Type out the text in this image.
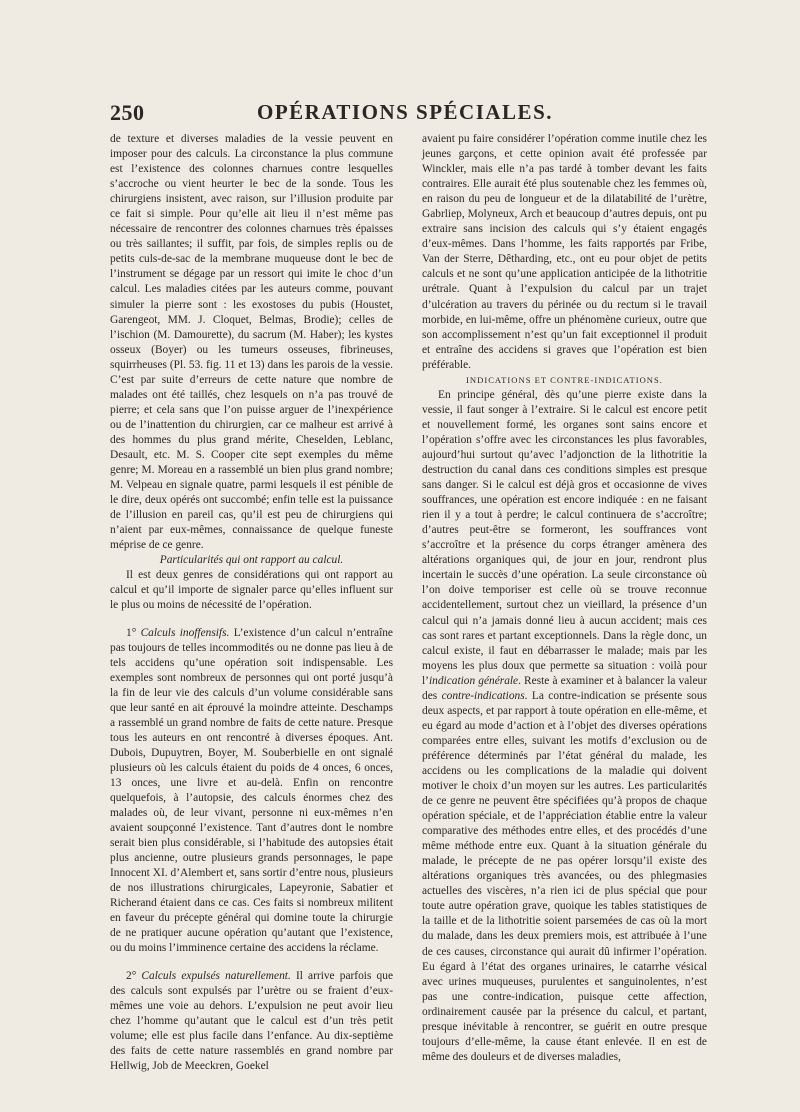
250	OPÉRATIONS SPÉCIALES.

de texture et diverses maladies de la vessie peuvent en imposer pour des calculs. La circonstance la plus commune est l’existence des colonnes charnues contre lesquelles s’accroche ou vient heurter le bec de la sonde. Tous les chirurgiens insistent, avec raison, sur l’illusion produite par ce fait si simple. Pour qu’elle ait lieu il n’est même pas nécessaire de rencontrer des colonnes charnues très épaisses ou très saillantes; il suffit, par fois, de simples replis ou de petits culs-de-sac de la membrane muqueuse dont le bec de l’instrument se dégage par un ressort qui imite le choc d’un calcul. Les maladies citées par les auteurs comme, pouvant simuler la pierre sont : les exostoses du pubis (Houstet, Garengeot, MM. J. Cloquet, Belmas, Brodie); celles de l’ischion (M. Damourette), du sacrum (M. Haber); les kystes osseux (Boyer) ou les tumeurs osseuses, fibrineuses, squirrheuses (Pl. 53. fig. 11 et 13) dans les parois de la vessie. C’est par suite d’erreurs de cette nature que nombre de malades ont été taillés, chez lesquels on n’a pas trouvé de pierre; et cela sans que l’on puisse arguer de l’inexpérience ou de l’inattention du chirurgien, car ce malheur est arrivé à des hommes du plus grand mérite, Cheselden, Leblanc, Desault, etc. M. S. Cooper cite sept exemples du même genre; M. Moreau en a rassemblé un bien plus grand nombre; M. Velpeau en signale quatre, parmi lesquels il est pénible de le dire, deux opérés ont succombé; enfin telle est la puissance de l’illusion en pareil cas, qu’il est peu de chirurgiens qui n’aient par eux-mêmes, connaissance de quelque funeste méprise de ce genre.

Particularités qui ont rapport au calcul.

Il est deux genres de considérations qui ont rapport au calcul et qu’il importe de signaler parce qu’elles influent sur le plus ou moins de nécessité de l’opération.

1° Calculs inoffensifs. L’existence d’un calcul n’entraîne pas toujours de telles incommodités ou ne donne pas lieu à de tels accidens qu’une opération soit indispensable. Les exemples sont nombreux de personnes qui ont porté jusqu’à la fin de leur vie des calculs d’un volume considérable sans que leur santé en ait éprouvé la moindre atteinte. Deschamps a rassemblé un grand nombre de faits de cette nature. Presque tous les auteurs en ont rencontré à diverses époques. Ant. Dubois, Dupuytren, Boyer, M. Souberbielle en ont signalé plusieurs où les calculs étaient du poids de 4 onces, 6 onces, 13 onces, une livre et au-delà. Enfin on rencontre quelquefois, à l’autopsie, des calculs énormes chez des malades où, de leur vivant, personne ni eux-mêmes n’en avaient soupçonné l’existence. Tant d’autres dont le nombre serait bien plus considérable, si l’habitude des autopsies était plus ancienne, outre plusieurs grands personnages, le pape Innocent XI. d’Alembert et, sans sortir d’entre nous, plusieurs de nos illustrations chirurgicales, Lapeyronie, Sabatier et Richerand étaient dans ce cas. Ces faits si nombreux militent en faveur du précepte général qui domine toute la chirurgie de ne pratiquer aucune opération qu’autant que l’existence, ou du moins l’imminence certaine des accidens la réclame.

2° Calculs expulsés naturellement. Il arrive parfois que des calculs sont expulsés par l’urètre ou se fraient d’eux-mêmes une voie au dehors. L’expulsion ne peut avoir lieu chez l’homme qu’autant que le calcul est d’un très petit volume; elle est plus facile dans l’enfance. Au dix-septième des faits de cette nature rassemblés en grand nombre par Hellwig, Job de Meeckren, Goekel

avaient pu faire considérer l’opération comme inutile chez les jeunes garçons, et cette opinion avait été professée par Winckler, mais elle n’a pas tardé à tomber devant les faits contraires. Elle aurait été plus soutenable chez les femmes où, en raison du peu de longueur et de la dilatabilité de l’urètre, Gabrliep, Molyneux, Arch et beaucoup d’autres depuis, ont pu extraire sans incision des calculs qui s’y étaient engagés d’eux-mêmes. Dans l’homme, les faits rapportés par Fribe, Van der Sterre, Dêtharding, etc., ont eu pour objet de petits calculs et ne sont qu’une application anticipée de la lithotritie urétrale. Quant à l’expulsion du calcul par un trajet d’ulcération au travers du périnée ou du rectum si le travail morbide, en lui-même, offre un phénomène curieux, outre que son accomplissement n’est qu’un fait exceptionnel il produit et entraîne des accidens si graves que l’opération est bien préférable.

INDICATIONS ET CONTRE-INDICATIONS.

En principe général, dès qu’une pierre existe dans la vessie, il faut songer à l’extraire. Si le calcul est encore petit et nouvellement formé, les organes sont sains encore et l’opération s’offre avec les circonstances les plus favorables, aujourd’hui surtout qu’avec l’adjonction de la lithotritie la destruction du canal dans ces conditions simples est presque sans danger. Si le calcul est déjà gros et occasionne de vives souffrances, une opération est encore indiquée : en ne faisant rien il y a tout à perdre; le calcul continuera de s’accroître; d’autres peut-être se formeront, les souffrances vont s’accroître et la présence du corps étranger amènera des altérations organiques qui, de jour en jour, rendront plus incertain le succès d’une opération. La seule circonstance où l’on doive temporiser est celle où se trouve reconnue accidentellement, surtout chez un vieillard, la présence d’un calcul qui n’a jamais donné lieu à aucun accident; mais ces cas sont rares et partant exceptionnels. Dans la règle donc, un calcul existe, il faut en débarrasser le malade; mais par les moyens les plus doux que permette sa situation : voilà pour l’indication générale. Reste à examiner et à balancer la valeur des contre-indications. La contre-indication se présente sous deux aspects, et par rapport à toute opération en elle-même, et eu égard au mode d’action et à l’objet des diverses opérations comparées entre elles, suivant les motifs d’exclusion ou de préférence déterminés par l’état général du malade, les accidens ou les complications de la maladie qui doivent motiver le choix d’un moyen sur les autres. Les particularités de ce genre ne peuvent être spécifiées qu’à propos de chaque opération spéciale, et de l’appréciation établie entre la valeur comparative des méthodes entre elles, et des procédés d’une même méthode entre eux. Quant à la situation générale du malade, le précepte de ne pas opérer lorsqu’il existe des altérations organiques très avancées, ou des phlegmasies actuelles des viscères, n’a rien ici de plus spécial que pour toute autre opération grave, quoique les tables statistiques de la taille et de la lithotritie soient parsemées de cas où la mort du malade, dans les deux premiers mois, est attribuée à l’une de ces causes, circonstance qui aurait dû infirmer l’opération. Eu égard à l’état des organes urinaires, le catarrhe vésical avec urines muqueuses, purulentes et sanguinolentes, n’est pas une contre-indication, puisque cette affection, ordinairement causée par la présence du calcul, et partant, presque inévitable à rencontrer, se guérit en outre presque toujours d’elle-même, la cause étant enlevée. Il en est de même des douleurs et de diverses maladies,
